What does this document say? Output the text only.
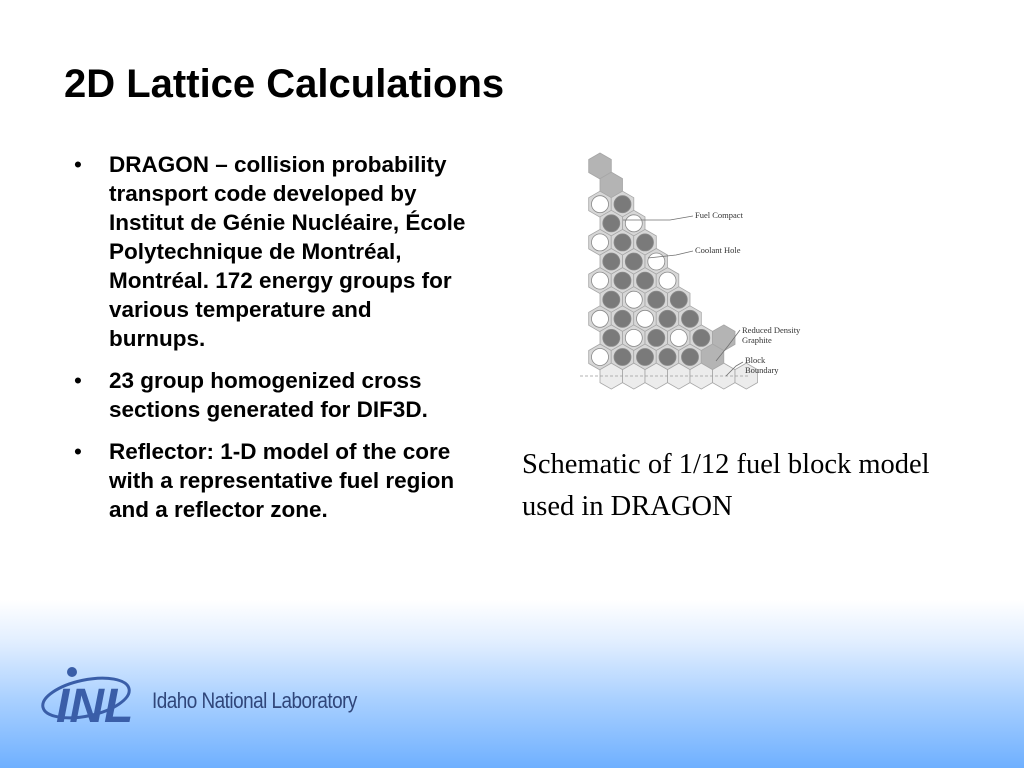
2D Lattice Calculations
• DRAGON – collision probability transport code developed by Institut de Génie Nucléaire, École Polytechnique de Montréal, Montréal. 172 energy groups for various temperature and burnups.
• 23 group homogenized cross sections generated for DIF3D.
• Reflector: 1-D model of the core with a representative fuel region and a reflector zone.
Fuel Compact
Coolant Hole
Reduced Density
Graphite
Block
Boundary

Schematic of 1/12 fuel block model used in DRAGON

INL Idaho National Laboratory
